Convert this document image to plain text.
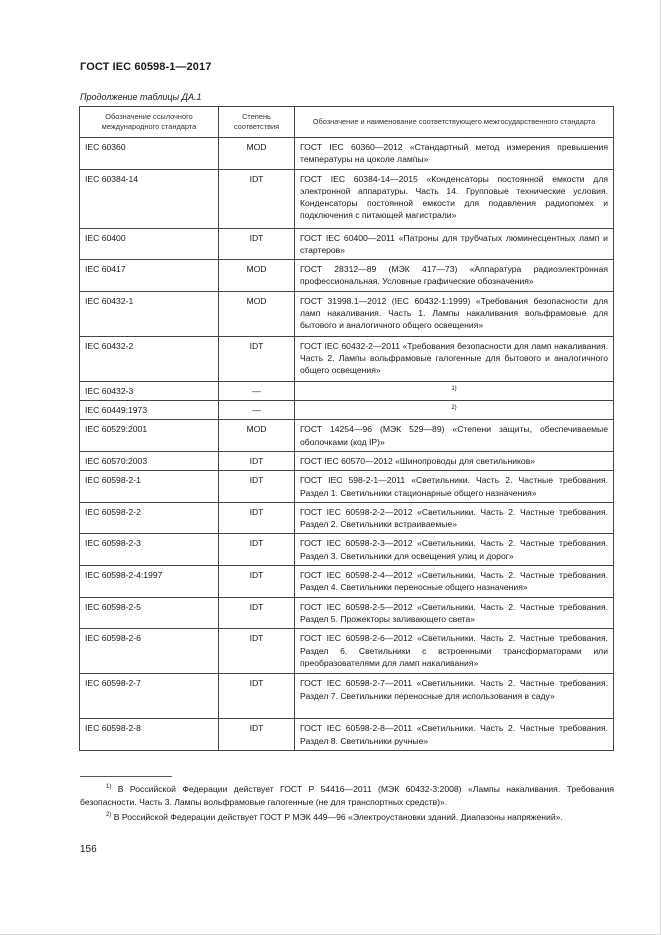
ГОСТ IEC 60598-1—2017
Продолжение таблицы ДА.1
Обозначение ссылочного международного стандарта	Степень соответствия	Обозначение и наименование соответствующего межгосударственного стандарта
IEC 60360	MOD	ГОСТ IEC 60360—2012 «Стандартный метод измерения превышения температуры на цоколе лампы»
IEC 60384-14	IDT	ГОСТ IEC 60384-14—2015 «Конденсаторы постоянной емкости для электронной аппаратуры. Часть 14. Групповые технические условия. Конденсаторы постоянной емкости для подавления радиопомех и подключения с питающей магистрали»
IEC 60400	IDT	ГОСТ IEC 60400—2011 «Патроны для трубчатых люминесцентных ламп и стартеров»
IEC 60417	MOD	ГОСТ 28312—89 (МЭК 417—73) «Аппаратура радиоэлектронная профессиональная. Условные графические обозначения»
IEC 60432-1	MOD	ГОСТ 31998.1—2012 (IEC 60432-1:1999) «Требования безопасности для ламп накаливания. Часть 1. Лампы накаливания вольфрамовые для бытового и аналогичного общего освещения»
IEC 60432-2	IDT	ГОСТ IEC 60432-2—2011 «Требования безопасности для ламп накаливания. Часть 2. Лампы вольфрамовые галогенные для бытового и аналогичного общего освещения»
IEC 60432-3	—	$^{1)}$
IEC 60449:1973	—	$^{2)}$
IEC 60529:2001	MOD	ГОСТ 14254—96 (МЭК 529—89) «Степени защиты, обеспечиваемые оболочками (код IP)»
IEC 60570:2003	IDT	ГОСТ IEC 60570—2012 «Шинопроводы для светильников»
IEC 60598-2-1	IDT	ГОСТ IEC 598-2-1—2011 «Светильники. Часть 2. Частные требования. Раздел 1. Светильники стационарные общего назначения»
IEC 60598-2-2	IDT	ГОСТ IEC 60598-2-2—2012 «Светильники. Часть 2. Частные требования. Раздел 2. Светильники встраиваемые»
IEC 60598-2-3	IDT	ГОСТ IEC 60598-2-3—2012 «Светильники. Часть 2. Частные требования. Раздел 3. Светильники для освещения улиц и дорог»
IEC 60598-2-4:1997	IDT	ГОСТ IEC 60598-2-4—2012 «Светильники. Часть 2. Частные требования. Раздел 4. Светильники переносные общего назначения»
IEC 60598-2-5	IDT	ГОСТ IEC 60598-2-5—2012 «Светильники. Часть 2. Частные требования. Раздел 5. Прожекторы заливающего света»
IEC 60598-2-6	IDT	ГОСТ IEC 60598-2-6—2012 «Светильники. Часть 2. Частные требования. Раздел 6. Светильники с встроенными трансформаторами или преобразователями для ламп накаливания»
IEC 60598-2-7	IDT	ГОСТ IEC 60598-2-7—2011 «Светильники. Часть 2. Частные требования. Раздел 7. Светильники переносные для использования в саду»
IEC 60598-2-8	IDT	ГОСТ IEC 60598-2-8—2011 «Светильники. Часть 2. Частные требования. Раздел 8. Светильники ручные»
$^{1)}$ В Российской Федерации действует ГОСТ Р 54416—2011 (МЭК 60432-3:2008) «Лампы накаливания. Требования безопасности. Часть 3. Лампы вольфрамовые галогенные (не для транспортных средств)».
$^{2)}$ В Российской Федерации действует ГОСТ Р МЭК 449—96 «Электроустановки зданий. Диапазоны напряжений».
156
